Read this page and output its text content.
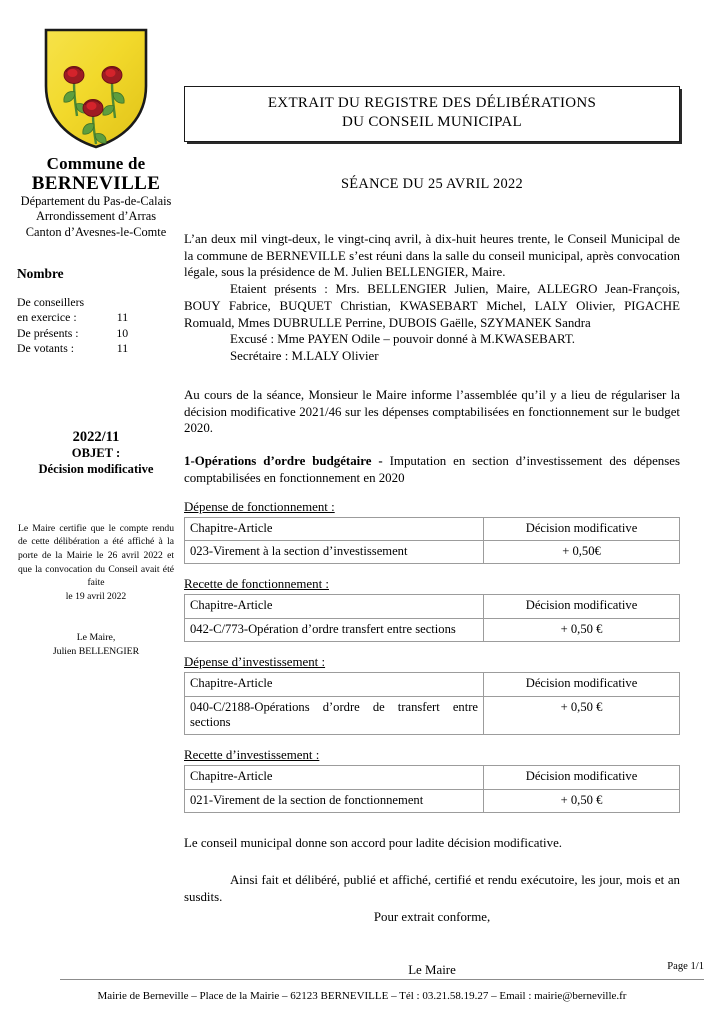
Commune de
BERNEVILLE
Département du Pas-de-Calais
Arrondissement d’Arras
Canton d’Avesnes-le-Comte
Nombre
De conseillers	
en exercice :	11
De présents :	10
De votants :	11
2022/11
OBJET :
Décision modificative
Le Maire certifie que le compte rendu de cette délibération a été affiché à la porte de la Mairie le 26 avril 2022 et que la convocation du Conseil avait été faite
le 19 avril 2022
Le Maire,
Julien BELLENGIER
EXTRAIT DU REGISTRE DES DÉLIBÉRATIONS
DU CONSEIL MUNICIPAL
SÉANCE DU 25 AVRIL 2022
L’an deux mil vingt-deux, le vingt-cinq avril, à dix-huit heures trente, le Conseil Municipal de la commune de BERNEVILLE s’est réuni dans la salle du conseil municipal, après convocation légale, sous la présidence de M. Julien BELLENGIER, Maire.
Etaient présents : Mrs. BELLENGIER Julien, Maire, ALLEGRO Jean-François, BOUY Fabrice, BUQUET Christian, KWASEBART Michel, LALY Olivier, PIGACHE Romuald, Mmes DUBRULLE Perrine, DUBOIS Gaëlle, SZYMANEK Sandra
Excusé : Mme PAYEN Odile – pouvoir donné à M.KWASEBART.
Secrétaire : M.LALY Olivier
Au cours de la séance, Monsieur le Maire informe l’assemblée qu’il y a lieu de régulariser la décision modificative 2021/46 sur les dépenses comptabilisées en fonctionnement sur le budget 2020.
1-Opérations d’ordre budgétaire - Imputation en section d’investissement des dépenses comptabilisées en fonctionnement en 2020
Dépense de fonctionnement :
Chapitre-Article	Décision modificative
023-Virement à la section d’investissement	+ 0,50€
Recette de fonctionnement :
Chapitre-Article	Décision modificative
042-C/773-Opération d’ordre transfert entre sections	+ 0,50 €
Dépense d’investissement :
Chapitre-Article	Décision modificative
040-C/2188-Opérations d’ordre de transfert entre sections	+ 0,50 €
Recette d’investissement :
Chapitre-Article	Décision modificative
021-Virement de la section de fonctionnement	+ 0,50 €
Le conseil municipal donne son accord pour ladite décision modificative.
Ainsi fait et délibéré, publié et affiché, certifié et rendu exécutoire, les jour, mois et an susdits.
Pour extrait conforme,
Le Maire	Page 1/1
Mairie de Berneville – Place de la Mairie – 62123 BERNEVILLE – Tél : 03.21.58.19.27 – Email : mairie@berneville.fr
